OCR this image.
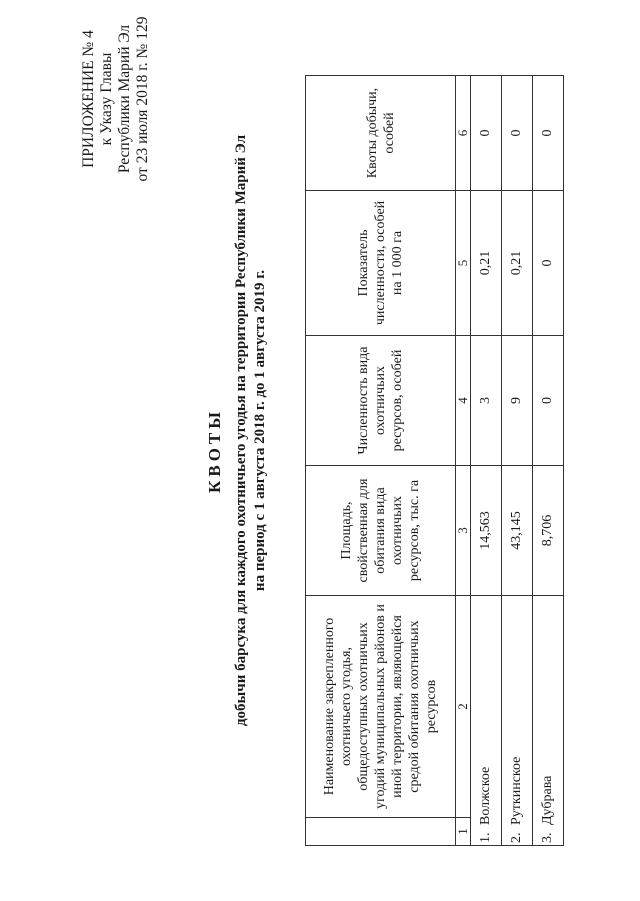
ПРИЛОЖЕНИЕ № 4 к Указу Главы Республики Марий Эл от 23 июля 2018 г. № 129
КВОТЫ добычи барсука для каждого охотничьего угодья на территории Республики Марий Эл на период с 1 августа 2018 г. до 1 августа 2019 г.
	Наименование закрепленного охотничьего угодья, общедоступных охотничьих угодий муниципальных районов и иной территории, являющейся средой обитания охотничьих ресурсов	Площадь, свойственная для обитания вида охотничьих ресурсов, тыс. га	Численность вида охотничьих ресурсов, особей	Показатель численности, особей на 1 000 га	Квоты добычи, особей
1	2	3	4	5	6
1.Волжское		14,563	3	0,21	0
2.Руткинское		43,145	9	0,21	0
3.Дубрава		8,706	0	0	0
